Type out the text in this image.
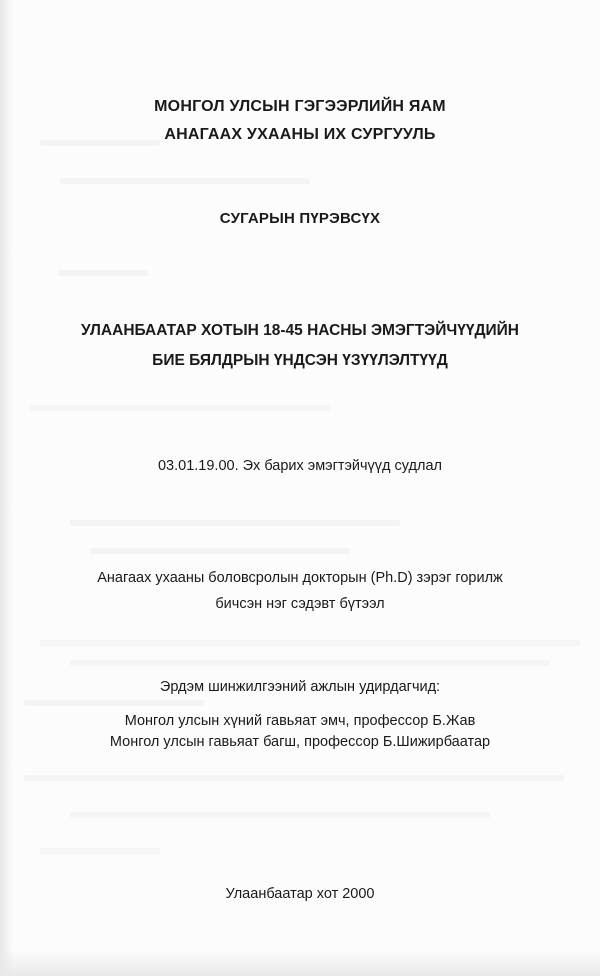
МОНГОЛ УЛСЫН ГЭГЭЭРЛИЙН ЯАМ
АНАГААХ УХААНЫ ИХ СУРГУУЛЬ
СУГАРЫН ПҮРЭВСҮХ
УЛААНБААТАР ХОТЫН 18-45 НАСНЫ ЭМЭГТЭЙЧҮҮДИЙН
БИЕ БЯЛДРЫН ҮНДСЭН ҮЗҮҮЛЭЛТҮҮД
03.01.19.00. Эх барих эмэгтэйчүүд судлал
Анагаах ухааны боловсролын докторын (Ph.D) зэрэг горилж
бичсэн нэг сэдэвт бүтээл
Эрдэм шинжилгээний ажлын удирдагчид:
Монгол улсын хүний гавьяат эмч, профессор Б.Жав
Монгол улсын гавьяат багш, профессор Б.Шижирбаатар
Улаанбаатар хот 2000
